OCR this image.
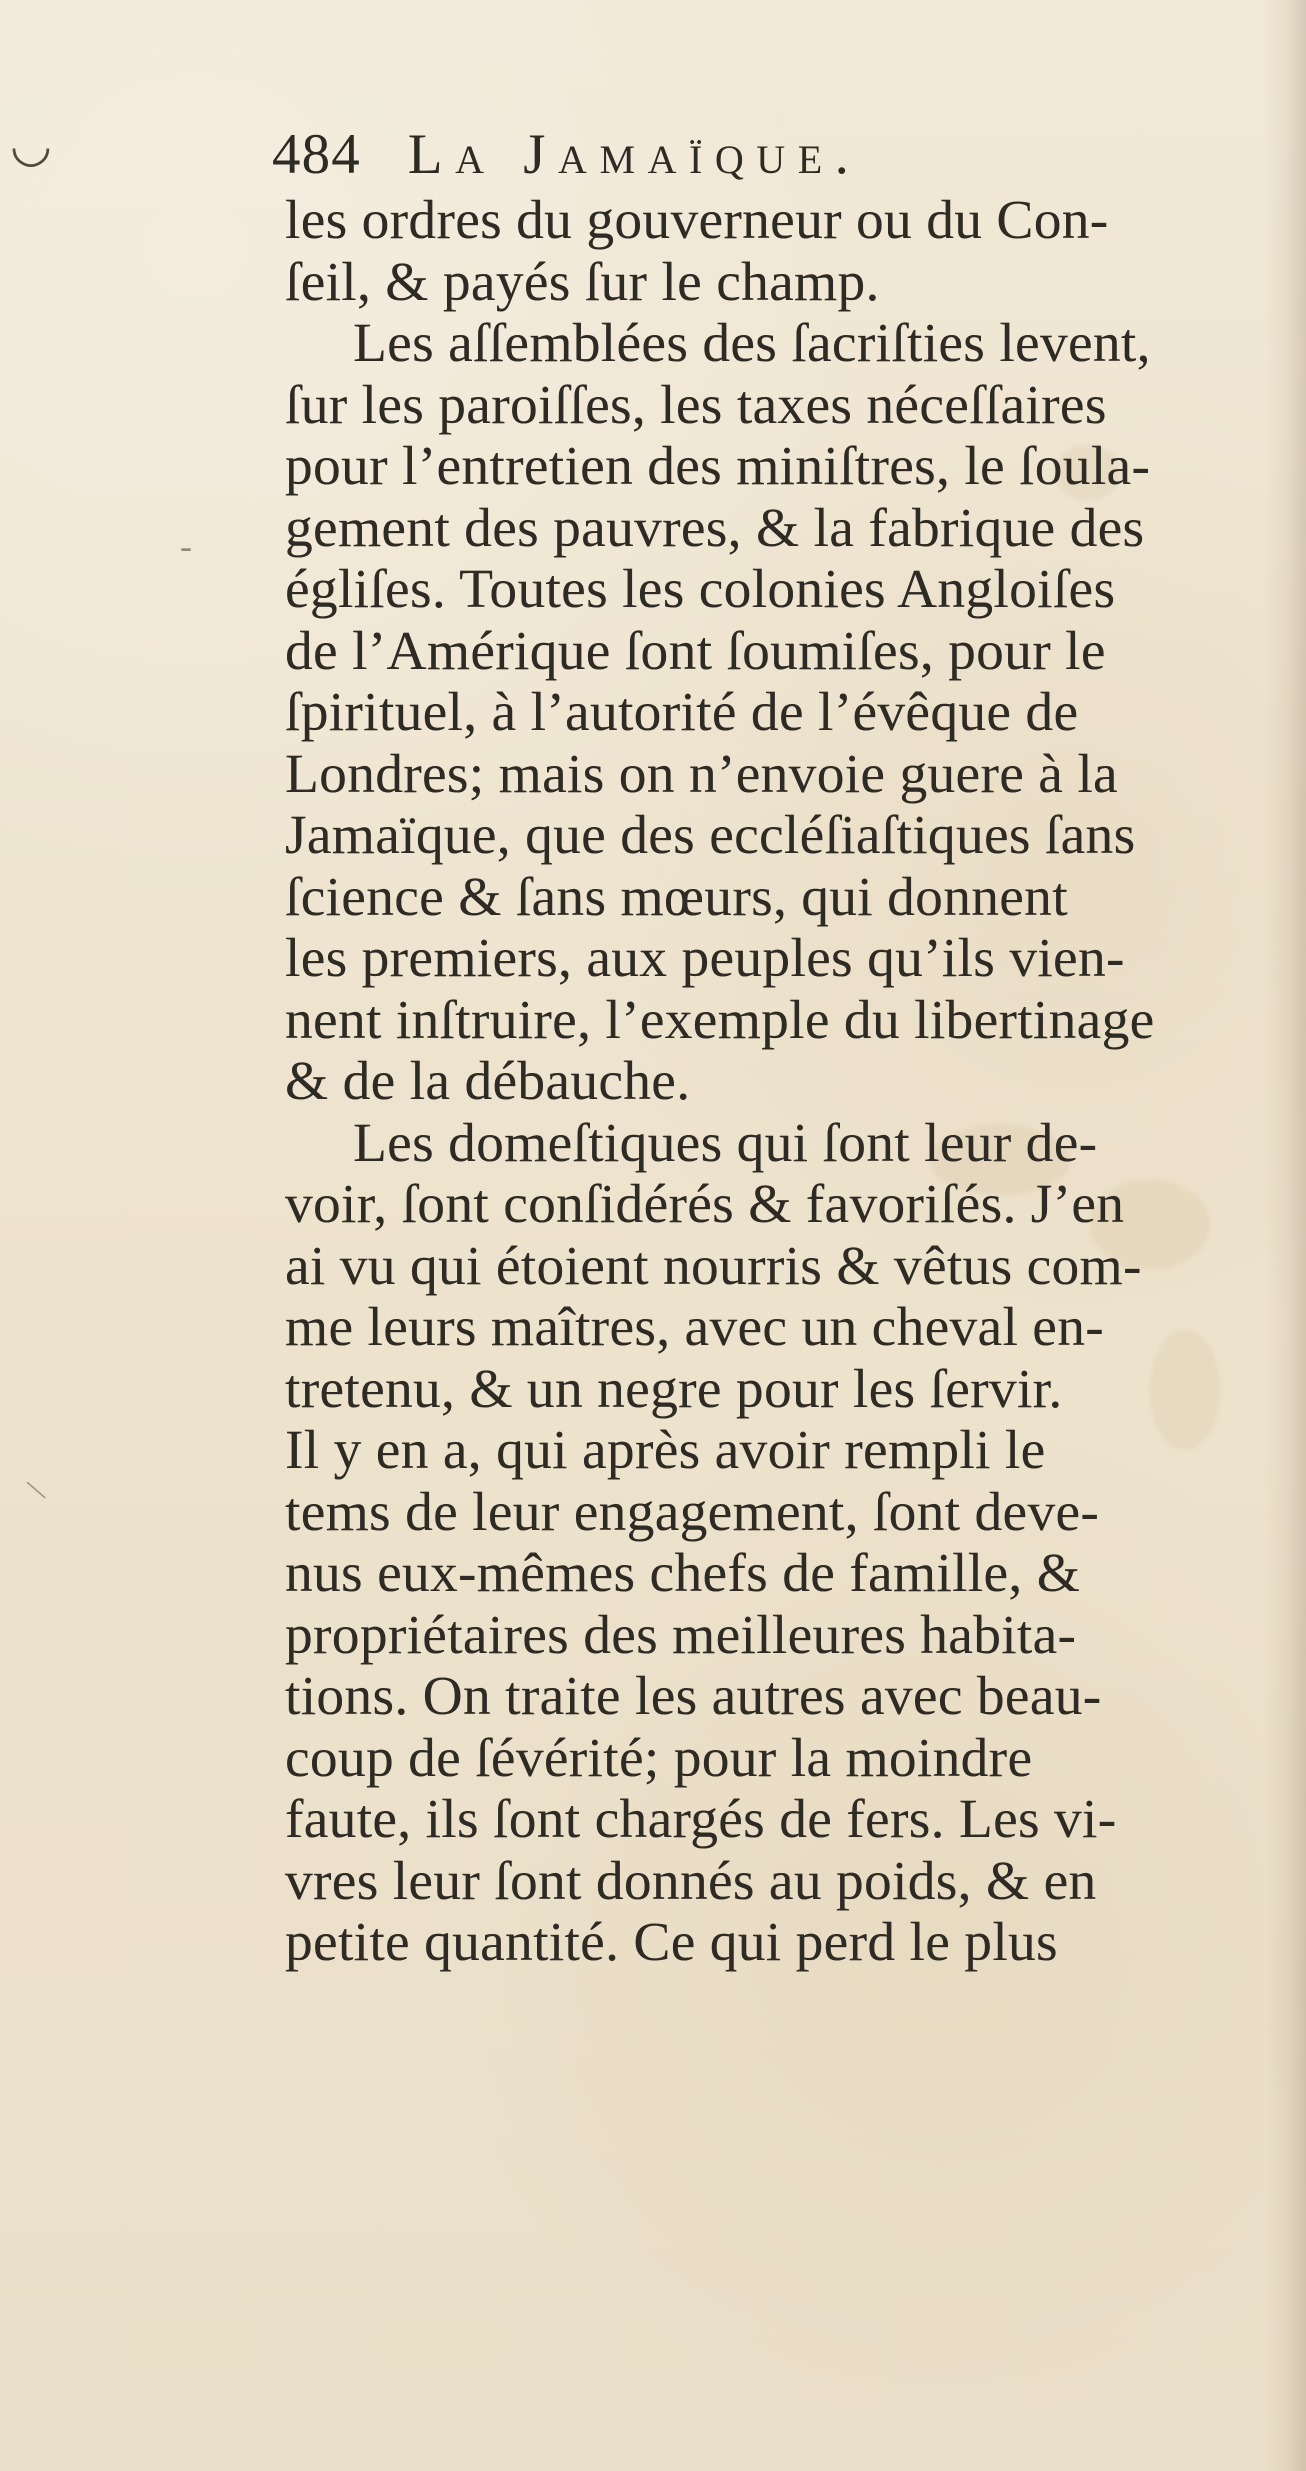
◡
-
\
484 La Jamaïque.
les ordres du gouverneur ou du Con-
ſeil, & payés ſur le champ.
Les aſſemblées des ſacriſties levent,
ſur les paroiſſes, les taxes néceſſaires
pour l’entretien des miniſtres, le ſoula-
gement des pauvres, & la fabrique des
égliſes. Toutes les colonies Angloiſes
de l’Amérique ſont ſoumiſes, pour le
ſpirituel, à l’autorité de l’évêque de
Londres; mais on n’envoie guere à la
Jamaïque, que des eccléſiaſtiques ſans
ſcience & ſans mœurs, qui donnent
les premiers, aux peuples qu’ils vien-
nent inſtruire, l’exemple du libertinage
& de la débauche.
Les domeſtiques qui ſont leur de-
voir, ſont conſidérés & favoriſés. J’en
ai vu qui étoient nourris & vêtus com-
me leurs maîtres, avec un cheval en-
tretenu, & un negre pour les ſervir.
Il y en a, qui après avoir rempli le
tems de leur engagement, ſont deve-
nus eux-mêmes chefs de famille, &
propriétaires des meilleures habita-
tions. On traite les autres avec beau-
coup de ſévérité; pour la moindre
faute, ils ſont chargés de fers. Les vi-
vres leur ſont donnés au poids, & en
petite quantité. Ce qui perd le plus
